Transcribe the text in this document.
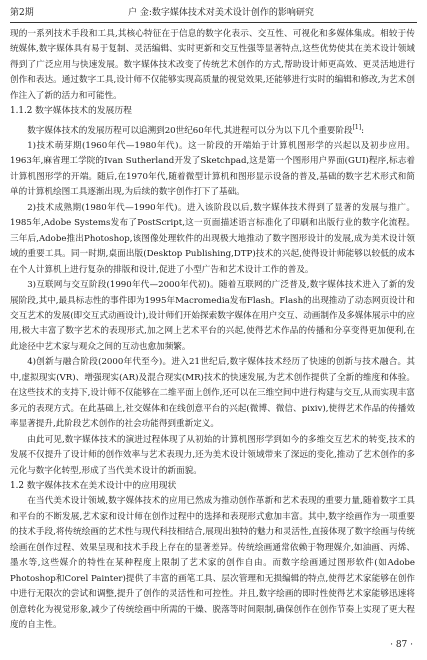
第2期	户 金:数字媒体技术对美术设计创作的影响研究

现的一系列技术手段和工具,其核心特征在于信息的数字化表示、交互性、可视化和多媒体集成。相较于传统媒体,数字媒体具有易于复制、灵活编辑、实时更新和交互性强等显著特点,这些优势使其在美术设计领域得到了广泛应用与快速发展。数字媒体技术改变了传统艺术创作的方式,帮助设计师更高效、更灵活地进行创作和表达。通过数字工具,设计师不仅能够实现高质量的视觉效果,还能够进行实时的编辑和修改,为艺术创作注入了新的活力和可能性。

1.1.2 数字媒体技术的发展历程

数字媒体技术的发展历程可以追溯到20世纪60年代,其进程可以分为以下几个重要阶段[1]:

1)技术萌芽期(1960年代—1980年代)。这一阶段的开端始于计算机图形学的兴起以及初步应用。1963年,麻省理工学院的Ivan Sutherland开发了Sketchpad,这是第一个图形用户界面(GUI)程序,标志着计算机图形学的开端。随后,在1970年代,随着微型计算机和图形显示设备的普及,基础的数字艺术形式和简单的计算机绘图工具逐渐出现,为后续的数字创作打下了基础。

2)技术成熟期(1980年代—1990年代)。进入该阶段以后,数字媒体技术得到了显著的发展与推广。1985年,Adobe Systems发布了PostScript,这一页面描述语言标准化了印刷和出版行业的数字化流程。三年后,Adobe推出Photoshop,该图像处理软件的出现极大地推动了数字图形设计的发展,成为美术设计领域的重要工具。同一时期,桌面出版(Desktop Publishing,DTP)技术的兴起,使得设计师能够以较低的成本在个人计算机上进行复杂的排版和设计,促进了小型广告和艺术设计工作的普及。

3)互联网与交互阶段(1990年代—2000年代初)。随着互联网的广泛普及,数字媒体技术进入了新的发展阶段,其中,最具标志性的事件即为1995年Macromedia发布Flash。Flash的出现推动了动态网页设计和交互艺术的发展(即交互式动画设计),设计师们开始探索数字媒体在用户交互、动画制作及多媒体展示中的应用,极大丰富了数字艺术的表现形式,加之网上艺术平台的兴起,使得艺术作品的传播和分享变得更加便利,在此途径中艺术家与观众之间的互动也愈加频繁。

4)创新与融合阶段(2000年代至今)。进入21世纪后,数字媒体技术经历了快速的创新与技术融合。其中,虚拟现实(VR)、增强现实(AR)及混合现实(MR)技术的快速发展,为艺术创作提供了全新的维度和体验。在这些技术的支持下,设计师不仅能够在二维平面上创作,还可以在三维空间中进行构建与交互,从而实现丰富多元的表现方式。在此基础上,社交媒体和在线创意平台的兴起(微博、微信、pixiv),使得艺术作品的传播效率显著提升,此阶段艺术创作的社会功能得到重新定义。

由此可见,数字媒体技术的演进过程体现了从初始的计算机图形学到如今的多维交互艺术的转变,技术的发展不仅提升了设计师的创作效率与艺术表现力,还为美术设计领域带来了深远的变化,推动了艺术创作的多元化与数字化转型,形成了当代美术设计的新面貌。

1.2 数字媒体技术在美术设计中的应用现状

在当代美术设计领域,数字媒体技术的应用已然成为推动创作革新和艺术表现的重要力量,随着数字工具和平台的不断发展,艺术家和设计师在创作过程中的选择和表现形式愈加丰富。其中,数字绘画作为一项重要的技术手段,将传统绘画的艺术性与现代科技相结合,展现出独特的魅力和灵活性,直接体现了数字绘画与传统绘画在创作过程、效果呈现和技术手段上存在的显著差异。传统绘画通常依赖于物理媒介,如油画、丙烯、墨水等,这些媒介的特性在某种程度上限制了艺术家的创作自由。而数字绘画通过图形软件(如Adobe Photoshop和Corel Painter)提供了丰富的画笔工具、层次管理和无损编辑的特点,使得艺术家能够在创作中进行无限次的尝试和调整,提升了创作的灵活性和可控性。并且,数字绘画的即时性使得艺术家能够迅速将创意转化为视觉形象,减少了传统绘画中所需的干燥、脱落等时间限制,确保创作在创作节奏上实现了更大程度的自主性。

· 87 ·
